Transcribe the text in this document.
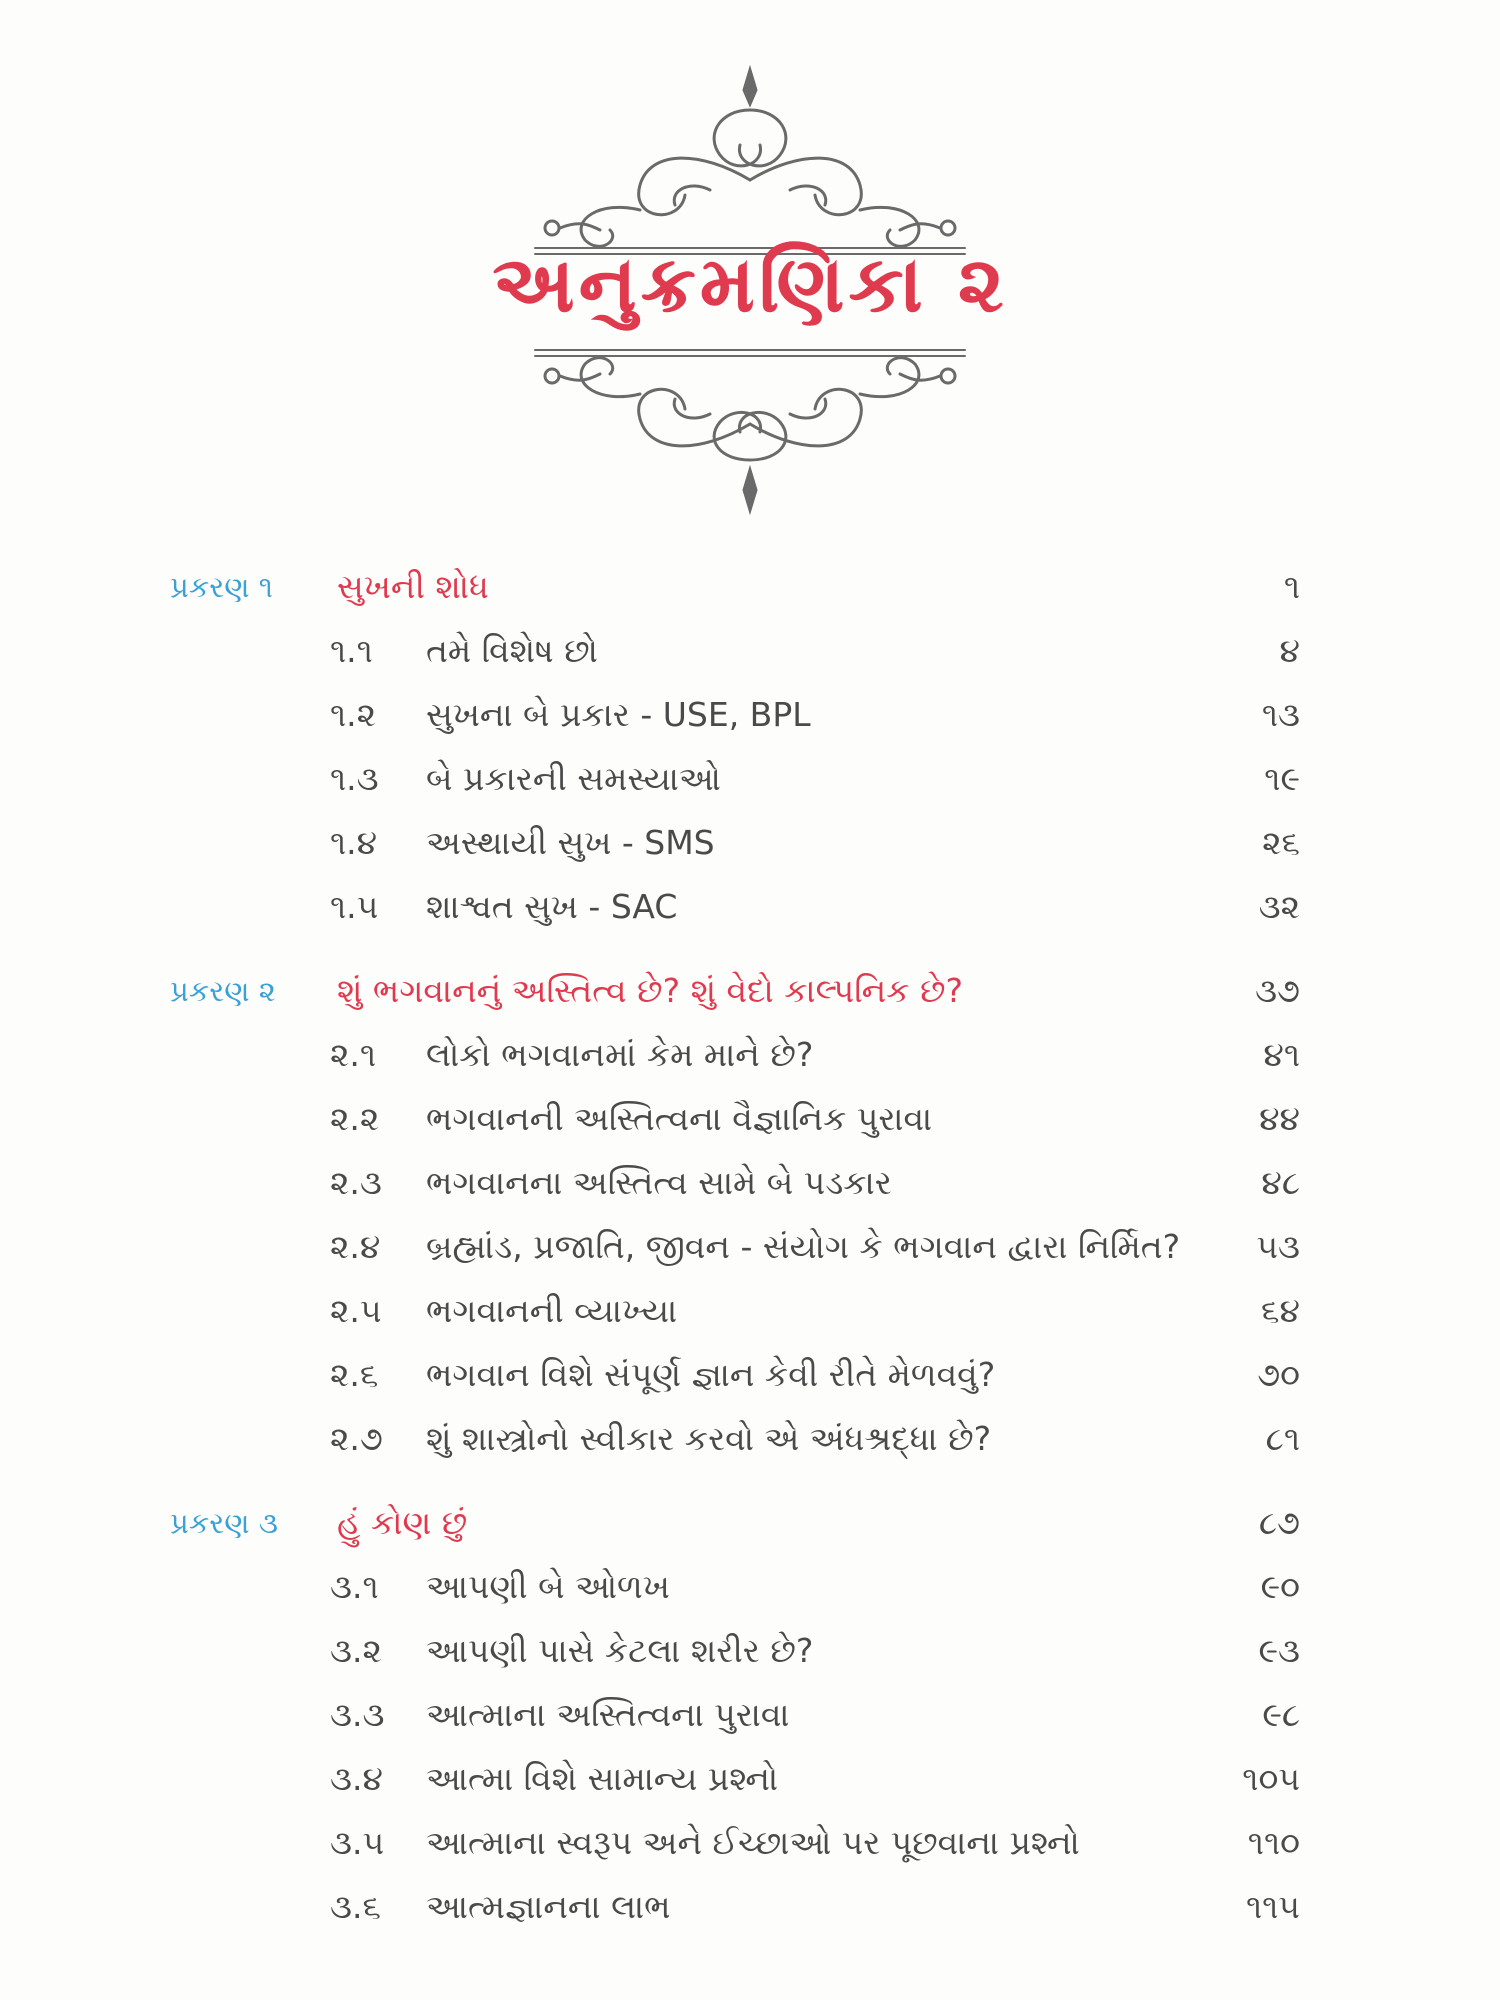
અનુક્રમણિકા ૨
પ્રકરણ ૧ સુખની શોધ	૧
૧.૧ તમે વિશેષ છો	૪
૧.૨ સુખના બે પ્રકાર - USE, BPL	૧૩
૧.૩ બે પ્રકારની સમસ્યાઓ	૧૯
૧.૪ અસ્થાયી સુખ - SMS	૨૬
૧.૫ શાશ્વત સુખ - SAC	૩૨
પ્રકરણ ૨ શું ભગવાનનું અસ્તિત્વ છે? શું વેદો કાલ્પનિક છે?	૩૭
૨.૧ લોકો ભગવાનમાં કેમ માને છે?	૪૧
૨.૨ ભગવાનની અસ્તિત્વના વૈજ્ઞાનિક પુરાવા	૪૪
૨.૩ ભગવાનના અસ્તિત્વ સામે બે પડકાર	૪૮
૨.૪ બ્રહ્માંડ, પ્રજાતિ, જીવન - સંયોગ કે ભગવાન દ્વારા નિર્મિત? ૫૩
૨.૫ ભગવાનની વ્યાખ્યા	૬૪
૨.૬ ભગવાન વિશે સંપૂર્ણ જ્ઞાન કેવી રીતે મેળવવું?	૭૦
૨.૭ શું શાસ્ત્રોનો સ્વીકાર કરવો એ અંધશ્રદ્ધા છે?	૮૧
પ્રકરણ ૩ હું કોણ છું	૮૭
૩.૧ આપણી બે ઓળખ	૯૦
૩.૨ આપણી પાસે કેટલા શરીર છે?	૯૩
૩.૩ આત્માના અસ્તિત્વના પુરાવા	૯૮
૩.૪ આત્મા વિશે સામાન્ય પ્રશ્નો	૧૦૫
૩.૫ આત્માના સ્વરૂપ અને ઈચ્છાઓ પર પૂછવાના પ્રશ્નો	૧૧૦
૩.૬ આત્મજ્ઞાનના લાભ	૧૧૫
